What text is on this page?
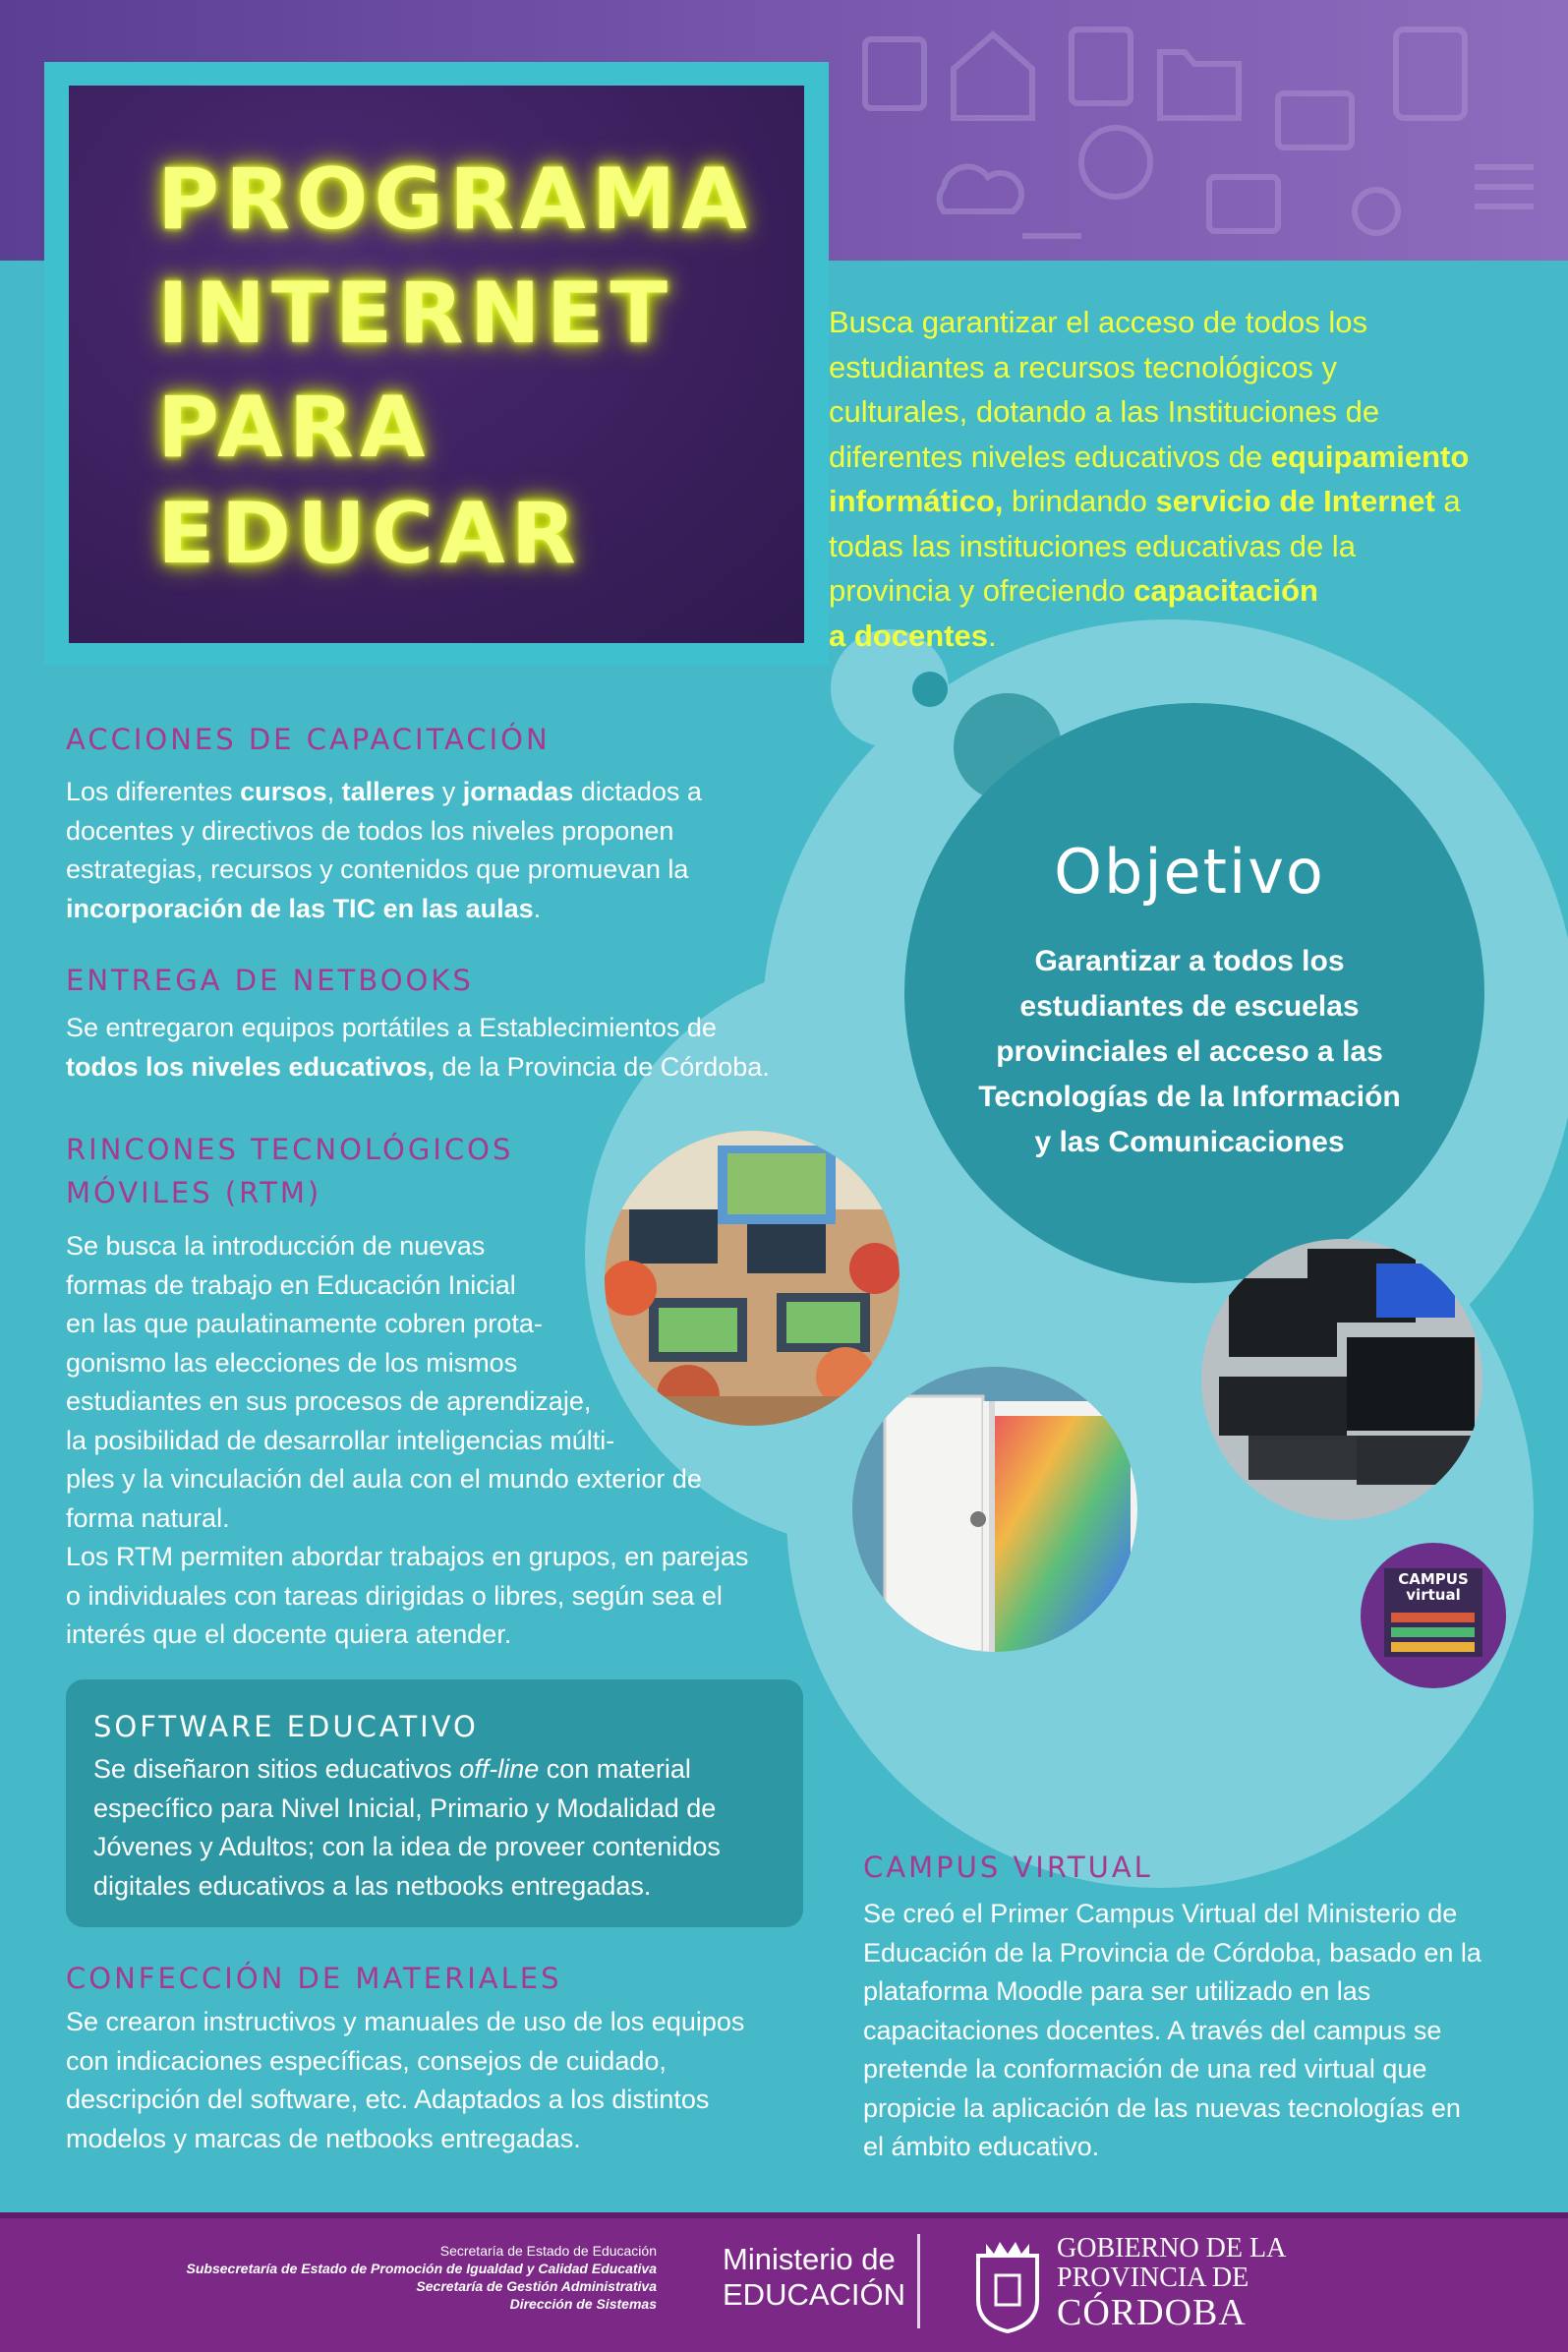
PROGRAMA
INTERNET
PARA
EDUCAR
Busca garantizar el acceso de todos los
estudiantes a recursos tecnológicos y
culturales, dotando a las Instituciones de
diferentes niveles educativos de equipamiento
informático, brindando servicio de Internet a
todas las instituciones educativas de la
provincia y ofreciendo capacitación
a docentes.
ACCIONES DE CAPACITACIÓN
Los diferentes cursos, talleres y jornadas dictados a
docentes y directivos de todos los niveles proponen
estrategias, recursos y contenidos que promuevan la
incorporación de las TIC en las aulas.
ENTREGA DE NETBOOKS
Se entregaron equipos portátiles a Establecimientos de
todos los niveles educativos, de la Provincia de Córdoba.
CAMPUS
virtual
Objetivo
Garantizar a todos los
estudiantes de escuelas
provinciales el acceso a las
Tecnologías de la Información
y las Comunicaciones
RINCONES TECNOLÓGICOS
MÓVILES (RTM)
Se busca la introducción de nuevas
formas de trabajo en Educación Inicial
en las que paulatinamente cobren prota-
gonismo las elecciones de los mismos
estudiantes en sus procesos de aprendizaje,
la posibilidad de desarrollar inteligencias múlti-
ples y la vinculación del aula con el mundo exterior de
forma natural.
Los RTM permiten abordar trabajos en grupos, en parejas
o individuales con tareas dirigidas o libres, según sea el
interés que el docente quiera atender.
SOFTWARE EDUCATIVO
Se diseñaron sitios educativos off-line con material
específico para Nivel Inicial, Primario y Modalidad de
Jóvenes y Adultos; con la idea de proveer contenidos
digitales educativos a las netbooks entregadas.
CONFECCIÓN DE MATERIALES
Se crearon instructivos y manuales de uso de los equipos
con indicaciones específicas, consejos de cuidado,
descripción del software, etc. Adaptados a los distintos
modelos y marcas de netbooks entregadas.
CAMPUS VIRTUAL
Se creó el Primer Campus Virtual del Ministerio de
Educación de la Provincia de Córdoba, basado en la
plataforma Moodle para ser utilizado en las
capacitaciones docentes. A través del campus se
pretende la conformación de una red virtual que
propicie la aplicación de las nuevas tecnologías en
el ámbito educativo.
Secretaría de Estado de Educación
Subsecretaría de Estado de Promoción de Igualdad y Calidad Educativa
Secretaría de Gestión Administrativa
Dirección de Sistemas
Ministerio de
EDUCACIÓN
GOBIERNO DE LA
PROVINCIA DE
CÓRDOBA
